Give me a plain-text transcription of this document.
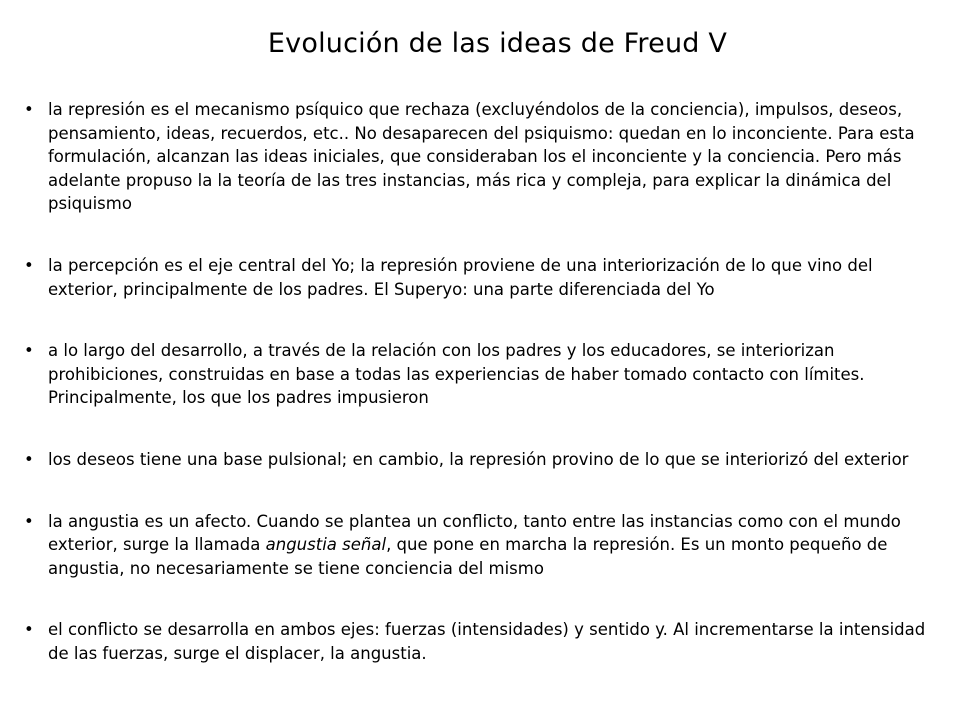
Evolución de las ideas de Freud V
• la represión es el mecanismo psíquico que rechaza (excluyéndolos de la conciencia), impulsos, deseos, pensamiento, ideas, recuerdos, etc.. No desaparecen del psiquismo: quedan en lo inconciente. Para esta formulación, alcanzan las ideas iniciales, que consideraban los el inconciente y la conciencia. Pero más adelante propuso la la teoría de las tres instancias, más rica y compleja, para explicar la dinámica del psiquismo
• la percepción es el eje central del Yo; la represión proviene de una interiorización de lo que vino del exterior, principalmente de los padres. El Superyo: una parte diferenciada del Yo
• a lo largo del desarrollo, a través de la relación con los padres y los educadores, se interiorizan prohibiciones, construidas en base a todas las experiencias de haber tomado contacto con límites. Principalmente, los que los padres impusieron
• los deseos tiene una base pulsional; en cambio, la represión provino de lo que se interiorizó del exterior
• la angustia es un afecto. Cuando se plantea un conflicto, tanto entre las instancias como con el mundo exterior, surge la llamada angustia señal, que pone en marcha la represión. Es un monto pequeño de angustia, no necesariamente se tiene conciencia del mismo
• el conflicto se desarrolla en ambos ejes: fuerzas (intensidades) y sentido y. Al incrementarse la intensidad de las fuerzas, surge el displacer, la angustia.
